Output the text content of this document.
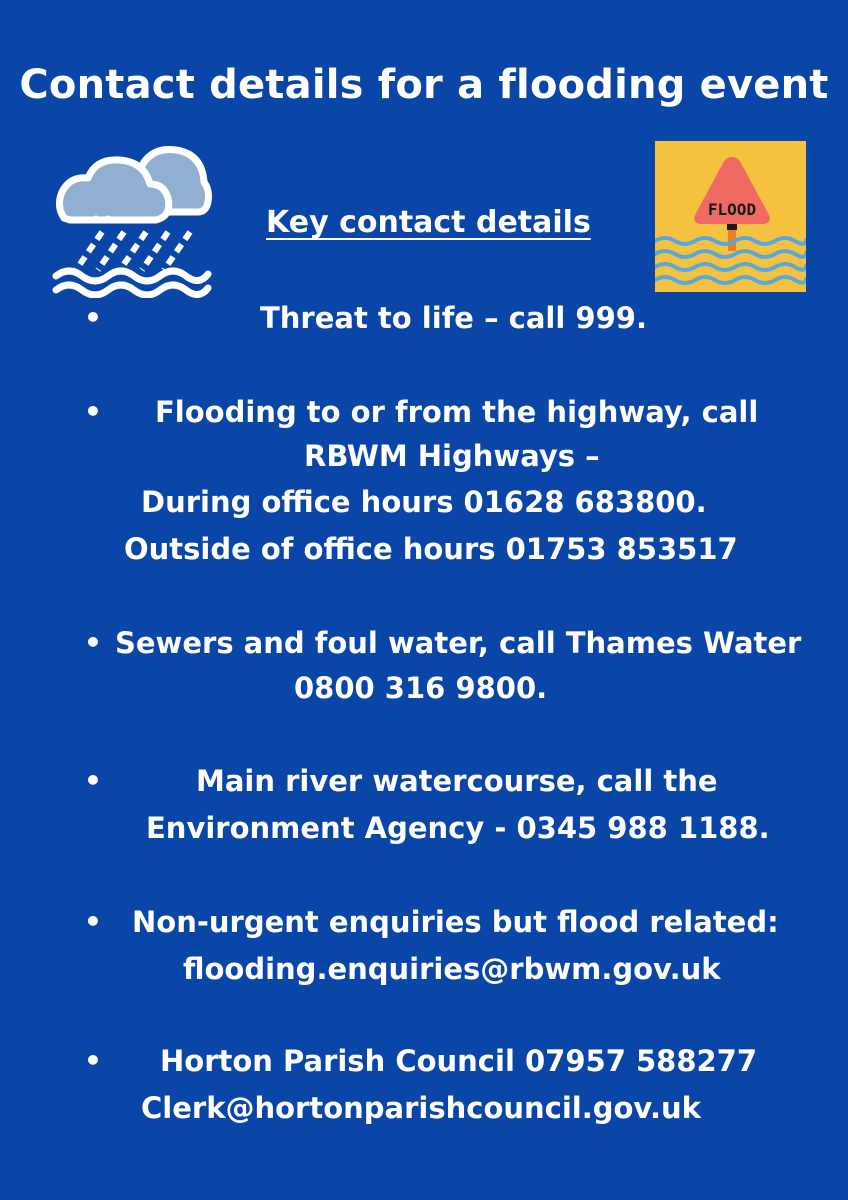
Contact details for a flooding event
FLOOD
Key contact details
•	Threat to life – call 999.
• Flooding to or from the highway, call
RBWM Highways –
During office hours 01628 683800.
Outside of office hours 01753 853517
• Sewers and foul water, call Thames Water
0800 316 9800.
•	Main river watercourse, call the
Environment Agency - 0345 988 1188.
• Non-urgent enquiries but flood related:
flooding.enquiries@rbwm.gov.uk
• Horton Parish Council 07957 588277
Clerk@hortonparishcouncil.gov.uk
